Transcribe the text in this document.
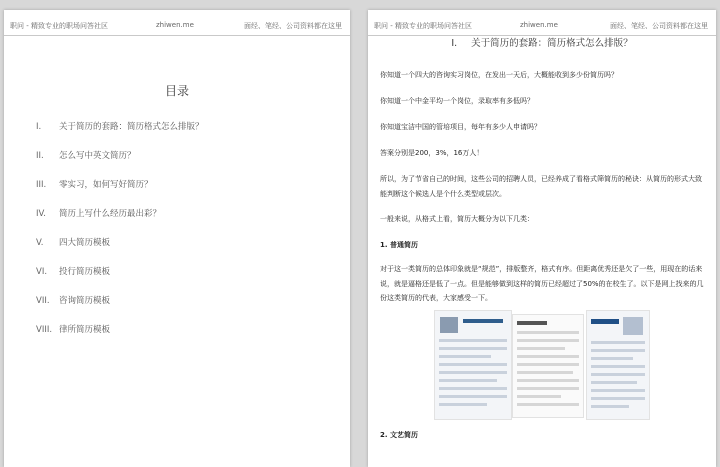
职问 - 精致专业的职场问答社区	zhiwen.me	面经、笔经、公司资料都在这里
目录
I. 关于简历的套路：简历格式怎么排版？
II. 怎么写中英文简历？
III. 零实习，如何写好简历？
IV. 简历上写什么经历最出彩？
V. 四大简历模板
VI. 投行简历模板
VII. 咨询简历模板
VIII. 律所简历模板
职问 - 精致专业的职场问答社区	zhiwen.me	面经、笔经、公司资料都在这里
I. 关于简历的套路：简历格式怎么排版？

你知道一个四大的咨询实习岗位，在发出一天后，大概能收到多少份简历吗？

你知道一个中金平均一个岗位，录取率有多低吗？

你知道宝洁中国的管培项目，每年有多少人申请吗？

答案分别是200，3%，16万人！

所以，为了节省自己的时间，这些公司的招聘人员，已经养成了看格式筛简历的秘诀：从简历的形式大致能判断这个候选人是个什么类型或层次。

一般来说，从格式上看，简历大概分为以下几类：

1. 普通简历

对于这一类简历的总体印象就是“规范”，排版整齐，格式有序。但距离优秀还是欠了一些，用现在的话来说，就是逼格还是低了一点。但是能够做到这样的简历已经超过了50%的在校生了。以下是网上找来的几份这类简历的代表，大家感受一下。

2. 文艺简历
